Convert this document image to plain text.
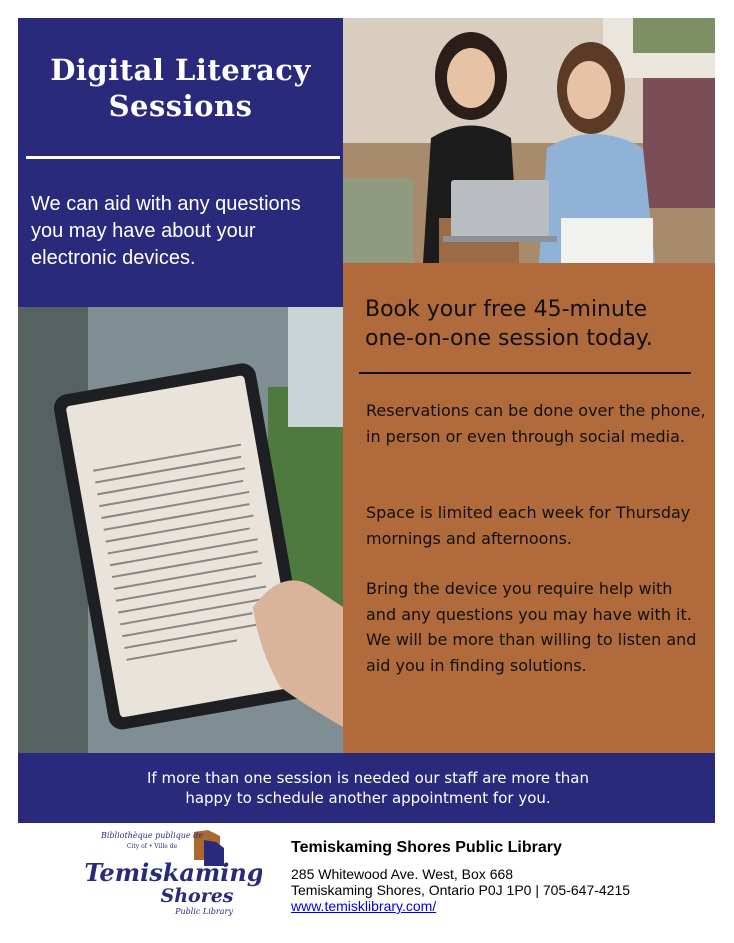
Digital Literacy
Sessions
We can aid with any questions you may have about your electronic devices.
Book your free 45-minute
one-on-one session today.
Reservations can be done over the phone, in person or even through social media.
Space is limited each week for Thursday mornings and afternoons.
Bring the device you require help with and any questions you may have with it. We will be more than willing to listen and aid you in finding solutions.
If more than one session is needed our staff are more than
happy to schedule another appointment for you.
Bibliothèque publique de
City of • Ville de
Temiskaming
Shores
Public Library
Temiskaming Shores Public Library
285 Whitewood Ave. West, Box 668
Temiskaming Shores, Ontario P0J 1P0 | 705-647-4215
www.temisklibrary.com/
